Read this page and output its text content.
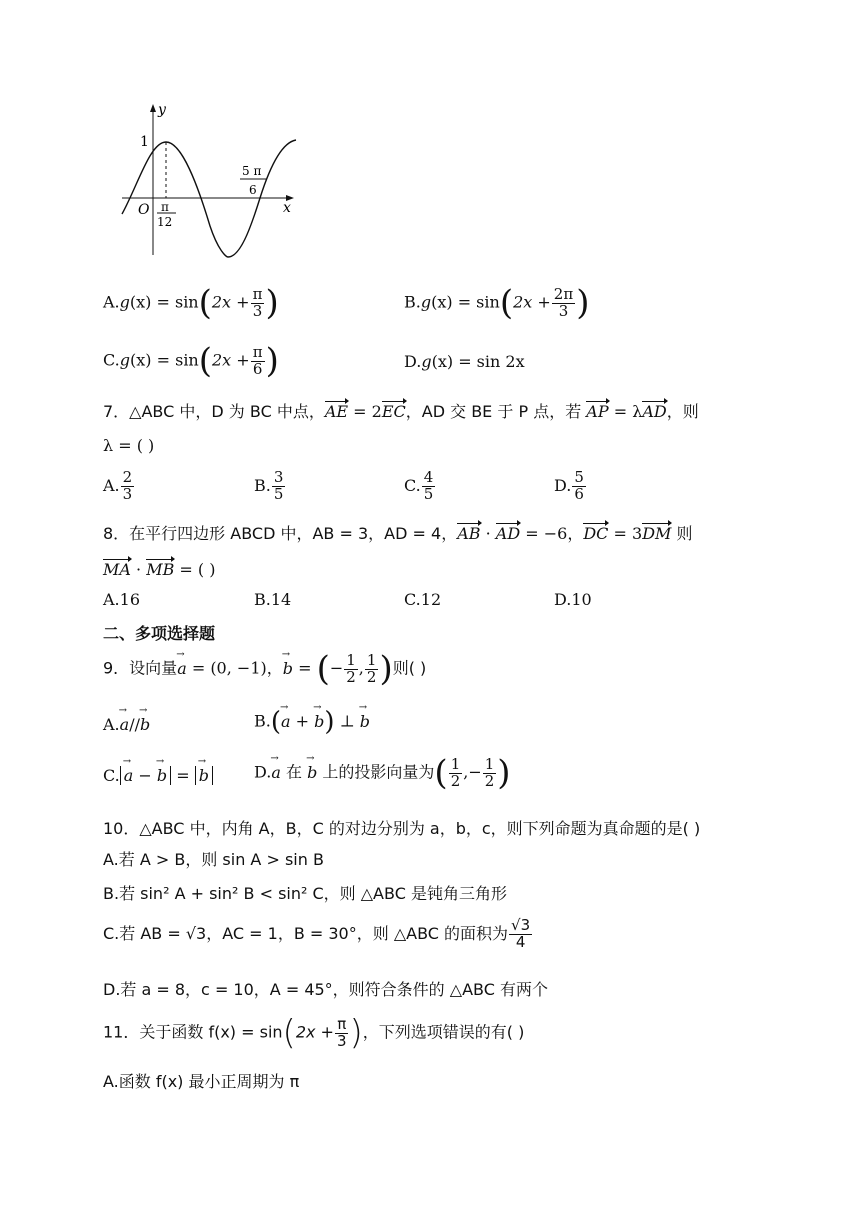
y
x
O
1
π
12
5 π
6
$A.g(x) = \sin(2x + \frac{\pi}{3}$ )	$B.g(x) = \sin(2x + \frac{2\pi}{3}$ )
$C.g(x) = \sin(2x + \frac{\pi}{6}$ )	D.g(x) = sin 2x
7．△ABC 中，D 为 BC 中点，AE = 2EC，AD 交 BE 于 P 点，若 AP = λAD，则
λ = ( )
A. $\frac{2}{3}$	B. $\frac{3}{5}$	C. $\frac{4}{5}$	D. $\frac{5}{6}$
8．在平行四边形 ABCD 中，AB = 3，AD = 4，AB · AD = −6，DC = 3DM 则
MA · MB = ( )
A.16	B.14	C.12	D.10
二、多项选择题
9．设向量a → = (0, −1)，b → = (− $\frac{1}{2}$ , $\frac{1}{2}$ )则( )
A.a →//b →	B.(a → + b →) ⊥ b →
C. a → − b → = b →	D.a → 在 b → 上的投影向量为( $\frac{1}{2}$ ,− $\frac{1}{2}$ )
10．△ABC 中，内角 A，B，C 的对边分别为 a，b，c，则下列命题为真命题的是( )
A.若 A > B，则 sin A > sin B
B.若 sin² A + sin² B < sin² C，则 △ABC 是钝角三角形
C.若 AB = √3，AC = 1，B = 30°，则 △ABC 的面积为 $\frac{√3}{4}$
D.若 a = 8，c = 10，A = 45°，则符合条件的 △ABC 有两个
11．关于函数 $f(x) = \sin(2x + \frac{\pi}{3}$ )，下列选项错误的有( )
A.函数 f(x) 最小正周期为 π
